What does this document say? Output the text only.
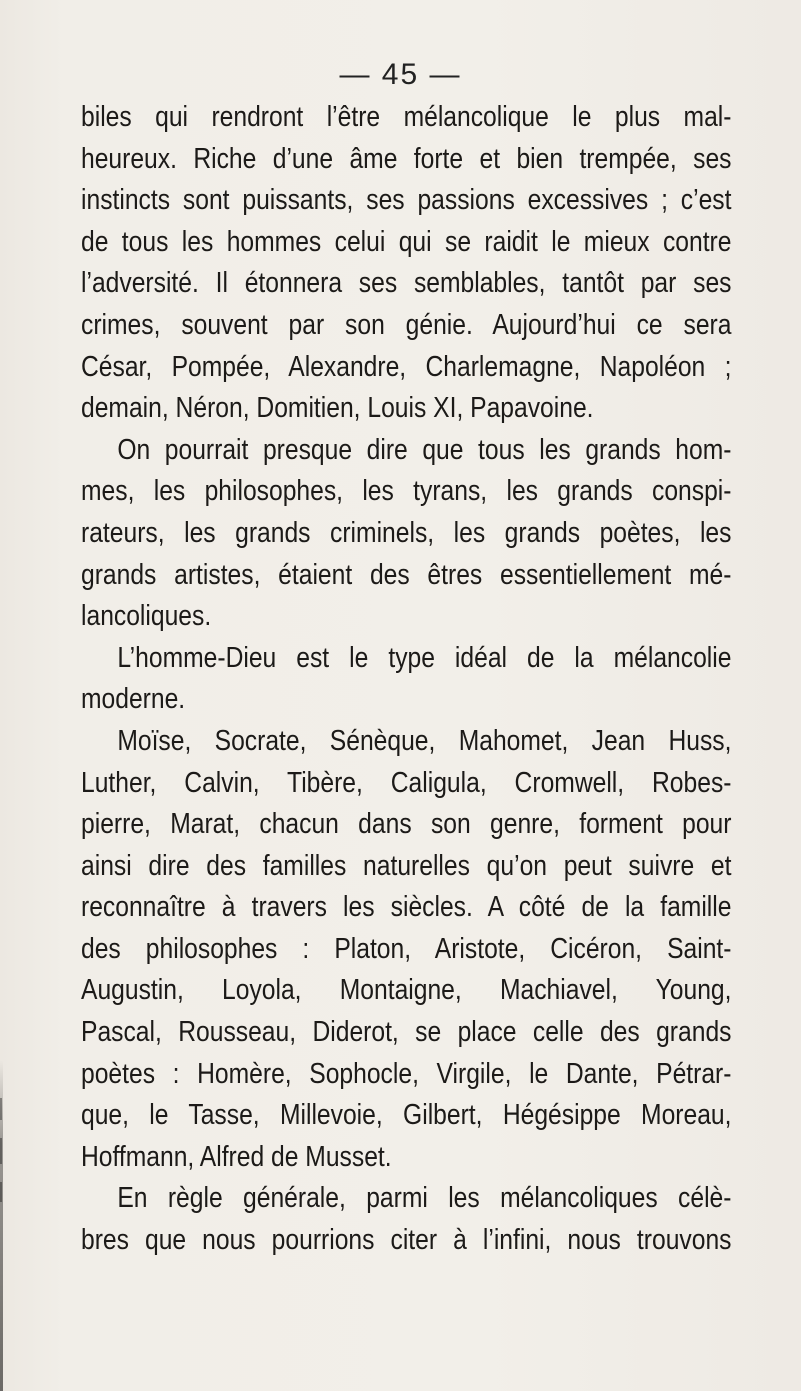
— 45 —
biles qui rendront l’être mélancolique le plus mal-
heureux. Riche d’une âme forte et bien trempée, ses
instincts sont puissants, ses passions excessives ; c’est
de tous les hommes celui qui se raidit le mieux contre
l’adversité. Il étonnera ses semblables, tantôt par ses
crimes, souvent par son génie. Aujourd’hui ce sera
César, Pompée, Alexandre, Charlemagne, Napoléon ;
demain, Néron, Domitien, Louis XI, Papavoine.
On pourrait presque dire que tous les grands hom-
mes, les philosophes, les tyrans, les grands conspi-
rateurs, les grands criminels, les grands poètes, les
grands artistes, étaient des êtres essentiellement mé-
lancoliques.
L’homme-Dieu est le type idéal de la mélancolie
moderne.
Moïse, Socrate, Sénèque, Mahomet, Jean Huss,
Luther, Calvin, Tibère, Caligula, Cromwell, Robes-
pierre, Marat, chacun dans son genre, forment pour
ainsi dire des familles naturelles qu’on peut suivre et
reconnaître à travers les siècles. A côté de la famille
des philosophes : Platon, Aristote, Cicéron, Saint-
Augustin, Loyola, Montaigne, Machiavel, Young,
Pascal, Rousseau, Diderot, se place celle des grands
poètes : Homère, Sophocle, Virgile, le Dante, Pétrar-
que, le Tasse, Millevoie, Gilbert, Hégésippe Moreau,
Hoffmann, Alfred de Musset.
En règle générale, parmi les mélancoliques célè-
bres que nous pourrions citer à l’infini, nous trouvons
